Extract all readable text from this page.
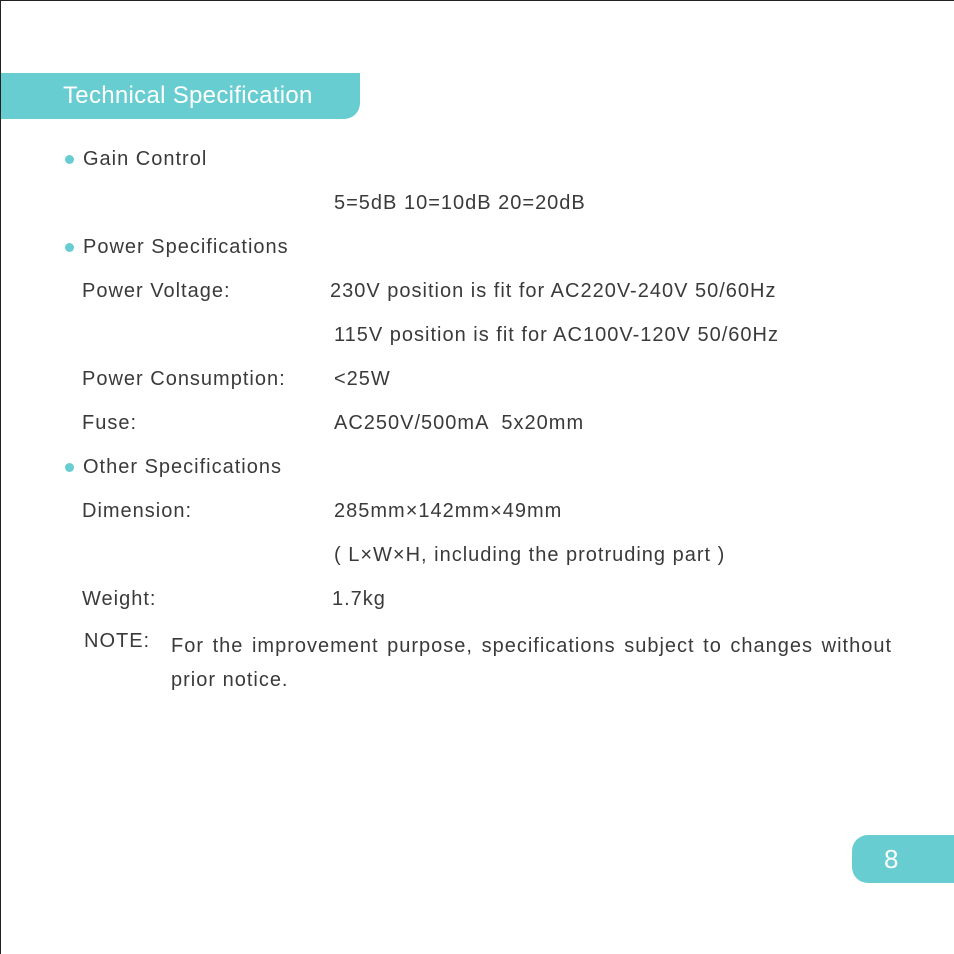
Technical Specification
Gain Control
5=5dB 10=10dB 20=20dB
Power Specifications
Power Voltage:	230V position is fit for AC220V-240V 50/60Hz
115V position is fit for AC100V-120V 50/60Hz
Power Consumption: <25W
Fuse:	AC250V/500mA  5x20mm
Other Specifications
Dimension:	285mm×142mm×49mm
( L×W×H, including the protruding part )
Weight:	1.7kg
NOTE: For the improvement purpose, specifications subject to changes without prior notice.
8
